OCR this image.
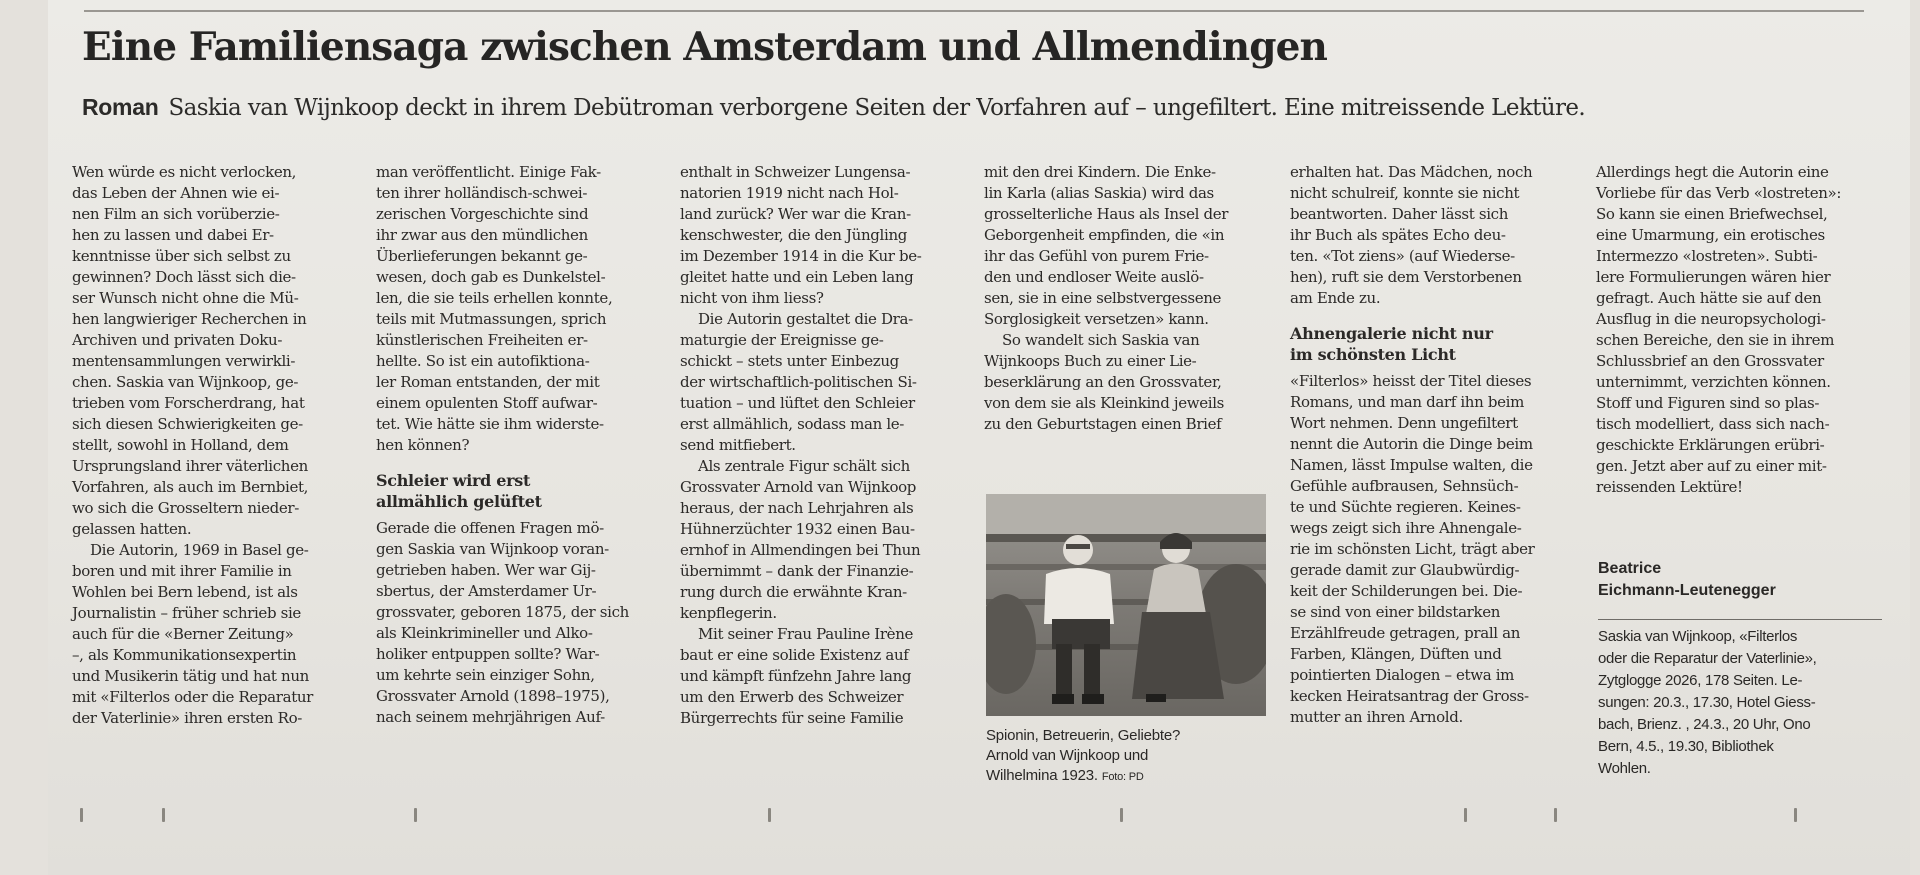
Eine Familiensaga zwischen Amsterdam und Allmendingen
Roman Saskia van Wijnkoop deckt in ihrem Debütroman verborgene Seiten der Vorfahren auf – ungefiltert. Eine mitreissende Lektüre.

Wen würde es nicht verlocken,
das Leben der Ahnen wie ei-
nen Film an sich vorüberzie-
hen zu lassen und dabei Er-
kenntnisse über sich selbst zu
gewinnen? Doch lässt sich die-
ser Wunsch nicht ohne die Mü-
hen langwieriger Recherchen in
Archiven und privaten Doku-
mentensammlungen verwirkli-
chen. Saskia van Wijnkoop, ge-
trieben vom Forscherdrang, hat
sich diesen Schwierigkeiten ge-
stellt, sowohl in Holland, dem
Ursprungsland ihrer väterlichen
Vorfahren, als auch im Bernbiet,
wo sich die Grosseltern nieder-
gelassen hatten.

Die Autorin, 1969 in Basel ge-
boren und mit ihrer Familie in
Wohlen bei Bern lebend, ist als
Journalistin – früher schrieb sie
auch für die «Berner Zeitung»
–, als Kommunikationsexpertin
und Musikerin tätig und hat nun
mit «Filterlos oder die Reparatur
der Vaterlinie» ihren ersten Ro-

man veröffentlicht. Einige Fak-
ten ihrer holländisch-schwei-
zerischen Vorgeschichte sind
ihr zwar aus den mündlichen
Überlieferungen bekannt ge-
wesen, doch gab es Dunkelstel-
len, die sie teils erhellen konnte,
teils mit Mutmassungen, sprich
künstlerischen Freiheiten er-
hellte. So ist ein autofiktiona-
ler Roman entstanden, der mit
einem opulenten Stoff aufwar-
tet. Wie hätte sie ihm widerste-
hen können?

Schleier wird erst
allmählich gelüftet

Gerade die offenen Fragen mö-
gen Saskia van Wijnkoop voran-
getrieben haben. Wer war Gij-
sbertus, der Amsterdamer Ur-
grossvater, geboren 1875, der sich
als Kleinkrimineller und Alko-
holiker entpuppen sollte? War-
um kehrte sein einziger Sohn,
Grossvater Arnold (1898–1975),
nach seinem mehrjährigen Auf-

enthalt in Schweizer Lungensa-
natorien 1919 nicht nach Hol-
land zurück? Wer war die Kran-
kenschwester, die den Jüngling
im Dezember 1914 in die Kur be-
gleitet hatte und ein Leben lang
nicht von ihm liess?

Die Autorin gestaltet die Dra-
maturgie der Ereignisse ge-
schickt – stets unter Einbezug
der wirtschaftlich-politischen Si-
tuation – und lüftet den Schleier
erst allmählich, sodass man le-
send mitfiebert.

Als zentrale Figur schält sich
Grossvater Arnold van Wijnkoop
heraus, der nach Lehrjahren als
Hühnerzüchter 1932 einen Bau-
ernhof in Allmendingen bei Thun
übernimmt – dank der Finanzie-
rung durch die erwähnte Kran-
kenpflegerin.

Mit seiner Frau Pauline Irène
baut er eine solide Existenz auf
und kämpft fünfzehn Jahre lang
um den Erwerb des Schweizer
Bürgerrechts für seine Familie

mit den drei Kindern. Die Enke-
lin Karla (alias Saskia) wird das
grosselterliche Haus als Insel der
Geborgenheit empfinden, die «in
ihr das Gefühl von purem Frie-
den und endloser Weite auslö-
sen, sie in eine selbstvergessene
Sorglosigkeit versetzen» kann.

So wandelt sich Saskia van
Wijnkoops Buch zu einer Lie-
beserklärung an den Grossvater,
von dem sie als Kleinkind jeweils
zu den Geburtstagen einen Brief

Spionin, Betreuerin, Geliebte?
Arnold van Wijnkoop und
Wilhelmina 1923. Foto: PD

erhalten hat. Das Mädchen, noch
nicht schulreif, konnte sie nicht
beantworten. Daher lässt sich
ihr Buch als spätes Echo deu-
ten. «Tot ziens» (auf Wiederse-
hen), ruft sie dem Verstorbenen
am Ende zu.

Ahnengalerie nicht nur
im schönsten Licht

«Filterlos» heisst der Titel dieses
Romans, und man darf ihn beim
Wort nehmen. Denn ungefiltert
nennt die Autorin die Dinge beim
Namen, lässt Impulse walten, die
Gefühle aufbrausen, Sehnsüch-
te und Süchte regieren. Keines-
wegs zeigt sich ihre Ahnengale-
rie im schönsten Licht, trägt aber
gerade damit zur Glaubwürdig-
keit der Schilderungen bei. Die-
se sind von einer bildstarken
Erzählfreude getragen, prall an
Farben, Klängen, Düften und
pointierten Dialogen – etwa im
kecken Heiratsantrag der Gross-
mutter an ihren Arnold.

Allerdings hegt die Autorin eine
Vorliebe für das Verb «lostreten»:
So kann sie einen Briefwechsel,
eine Umarmung, ein erotisches
Intermezzo «lostreten». Subti-
lere Formulierungen wären hier
gefragt. Auch hätte sie auf den
Ausflug in die neuropsychologi-
schen Bereiche, den sie in ihrem
Schlussbrief an den Grossvater
unternimmt, verzichten können.
Stoff und Figuren sind so plas-
tisch modelliert, dass sich nach-
geschickte Erklärungen erübri-
gen. Jetzt aber auf zu einer mit-
reissenden Lektüre!

Beatrice
Eichmann-Leutenegger
Saskia van Wijnkoop, «Filterlos
oder die Reparatur der Vaterlinie»,
Zytglogge 2026, 178 Seiten. Le-
sungen: 20.3., 17.30, Hotel Giess-
bach, Brienz. , 24.3., 20 Uhr, Ono
Bern, 4.5., 19.30, Bibliothek
Wohlen.
